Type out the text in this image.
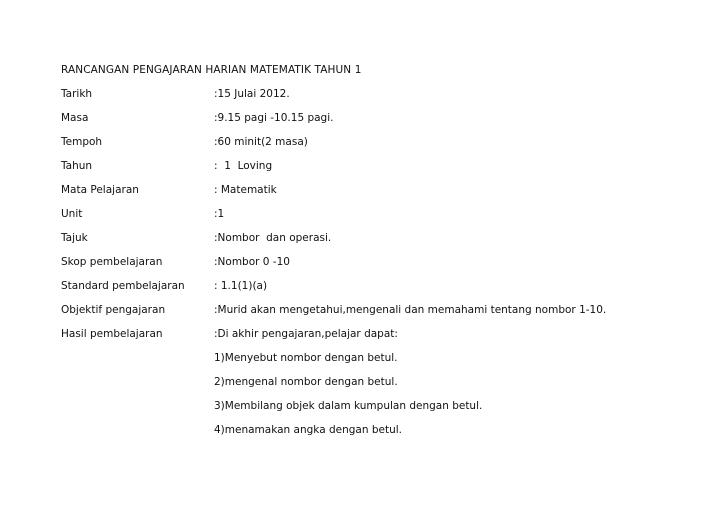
RANCANGAN PENGAJARAN HARIAN MATEMATIK TAHUN 1
Tarikh	:15 Julai 2012.
Masa	:9.15 pagi -10.15 pagi.
Tempoh	:60 minit(2 masa)
Tahun	:  1  Loving
Mata Pelajaran	: Matematik
Unit	:1
Tajuk	:Nombor  dan operasi.
Skop pembelajaran	:Nombor 0 -10
Standard pembelajaran	: 1.1(1)(a)
Objektif pengajaran	:Murid akan mengetahui,mengenali dan memahami tentang nombor 1-10.
Hasil pembelajaran	:Di akhir pengajaran,pelajar dapat:
1)Menyebut nombor dengan betul.
2)mengenal nombor dengan betul.
3)Membilang objek dalam kumpulan dengan betul.
4)menamakan angka dengan betul.
